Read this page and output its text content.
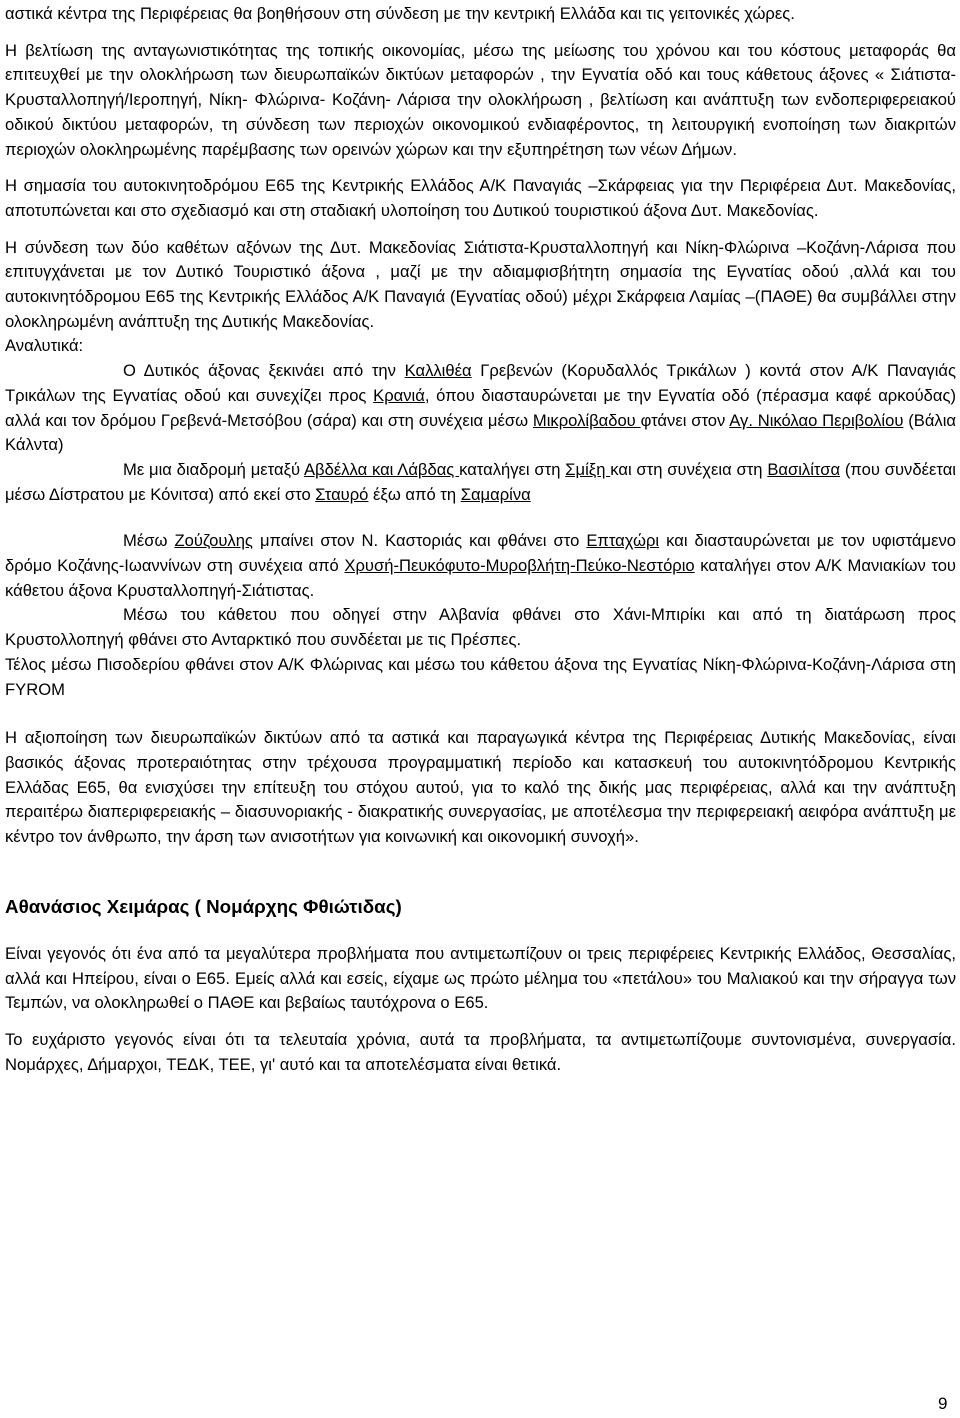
αστικά κέντρα της Περιφέρειας θα βοηθήσουν στη σύνδεση με την κεντρική Ελλάδα και τις γειτονικές χώρες.

Η βελτίωση της ανταγωνιστικότητας της τοπικής οικονομίας, μέσω της μείωσης του χρόνου και του κόστους μεταφοράς θα επιτευχθεί με την ολοκλήρωση των διευρωπαϊκών δικτύων μεταφορών , την Εγνατία οδό και τους κάθετους άξονες « Σιάτιστα- Κρυσταλλοπηγή/Ιεροπηγή, Νίκη- Φλώρινα- Κοζάνη- Λάρισα την ολοκλήρωση , βελτίωση και ανάπτυξη των ενδοπεριφερειακού οδικού δικτύου μεταφορών, τη σύνδεση των περιοχών οικονομικού ενδιαφέροντος, τη λειτουργική ενοποίηση των διακριτών περιοχών ολοκληρωμένης παρέμβασης των ορεινών χώρων και την εξυπηρέτηση των νέων Δήμων.

Η σημασία του αυτοκινητοδρόμου Ε65 της Κεντρικής Ελλάδος Α/Κ Παναγιάς –Σκάρφειας για την Περιφέρεια Δυτ. Μακεδονίας, αποτυπώνεται και στο σχεδιασμό και στη σταδιακή υλοποίηση του Δυτικού τουριστικού άξονα Δυτ. Μακεδονίας.

Η σύνδεση των δύο καθέτων αξόνων της Δυτ. Μακεδονίας Σιάτιστα-Κρυσταλλοπηγή και Νίκη-Φλώρινα –Κοζάνη-Λάρισα που επιτυγχάνεται με τον Δυτικό Τουριστικό άξονα , μαζί με την αδιαμφισβήτητη σημασία της Εγνατίας οδού ,αλλά και του αυτοκινητόδρομου Ε65 της Κεντρικής Ελλάδος Α/Κ Παναγιά (Εγνατίας οδού) μέχρι Σκάρφεια Λαμίας –(ΠΑΘΕ) θα συμβάλλει στην ολοκληρωμένη ανάπτυξη της Δυτικής Μακεδονίας.

Αναλυτικά:

Ο Δυτικός άξονας ξεκινάει από την Καλλιθέα Γρεβενών (Κορυδαλλός Τρικάλων ) κοντά στον Α/Κ Παναγιάς Τρικάλων της Εγνατίας οδού και συνεχίζει προς Κρανιά, όπου διασταυρώνεται με την Εγνατία οδό (πέρασμα καφέ αρκούδας) αλλά και τον δρόμου Γρεβενά-Μετσόβου (σάρα) και στη συνέχεια μέσω Μικρολίβαδου φτάνει στον Αγ. Νικόλαο Περιβολίου (Βάλια Κάλντα)

Με μια διαδρομή μεταξύ Αβδέλλα και Λάβδας καταλήγει στη Σμίξη και στη συνέχεια στη Βασιλίτσα (που συνδέεται μέσω Δίστρατου με Κόνιτσα) από εκεί στο Σταυρό έξω από τη Σαμαρίνα

Μέσω Ζούζουλης μπαίνει στον Ν. Καστοριάς και φθάνει στο Επταχώρι και διασταυρώνεται με τον υφιστάμενο δρόμο Κοζάνης-Ιωαννίνων στη συνέχεια από Χρυσή-Πευκόφυτο-Μυροβλήτη-Πεύκο-Νεστόριο καταλήγει στον Α/Κ Μανιακίων του κάθετου άξονα Κρυσταλλοπηγή-Σιάτιστας.

Μέσω του κάθετου που οδηγεί στην Αλβανία φθάνει στο Χάνι-Μπιρίκι και από τη διατάρωση προς Κρυστολλοπηγή φθάνει στο Ανταρκτικό που συνδέεται με τις Πρέσπες.

Τέλος μέσω Πισοδερίου φθάνει στον Α/Κ Φλώρινας και μέσω του κάθετου άξονα της Εγνατίας Νίκη-Φλώρινα-Κοζάνη-Λάρισα στη FYROM

Η αξιοποίηση των διευρωπαϊκών δικτύων από τα αστικά και παραγωγικά κέντρα της Περιφέρειας Δυτικής Μακεδονίας, είναι βασικός άξονας προτεραιότητας στην τρέχουσα προγραμματική περίοδο και κατασκευή του αυτοκινητόδρομου Κεντρικής Ελλάδας Ε65, θα ενισχύσει την επίτευξη του στόχου αυτού, για το καλό της δικής μας περιφέρειας, αλλά και την ανάπτυξη περαιτέρω διαπεριφερειακής – διασυνοριακής - διακρατικής συνεργασίας, με αποτέλεσμα την περιφερειακή αειφόρα ανάπτυξη με κέντρο τον άνθρωπο, την άρση των ανισοτήτων για κοινωνική και οικονομική συνοχή».

Αθανάσιος Χειμάρας ( Νομάρχης Φθιώτιδας)

Είναι γεγονός ότι ένα από τα μεγαλύτερα προβλήματα που αντιμετωπίζουν οι τρεις περιφέρειες Κεντρικής Ελλάδος, Θεσσαλίας, αλλά και Ηπείρου, είναι ο Ε65. Εμείς αλλά και εσείς, είχαμε ως πρώτο μέλημα του «πετάλου» του Μαλιακού και την σήραγγα των Τεμπών, να ολοκληρωθεί ο ΠΑΘΕ και βεβαίως ταυτόχρονα ο Ε65.

Το ευχάριστο γεγονός είναι ότι τα τελευταία χρόνια, αυτά τα προβλήματα, τα αντιμετωπίζουμε συντονισμένα, συνεργασία. Νομάρχες, Δήμαρχοι, ΤΕΔΚ, ΤΕΕ, γι' αυτό και τα αποτελέσματα είναι θετικά.

9
